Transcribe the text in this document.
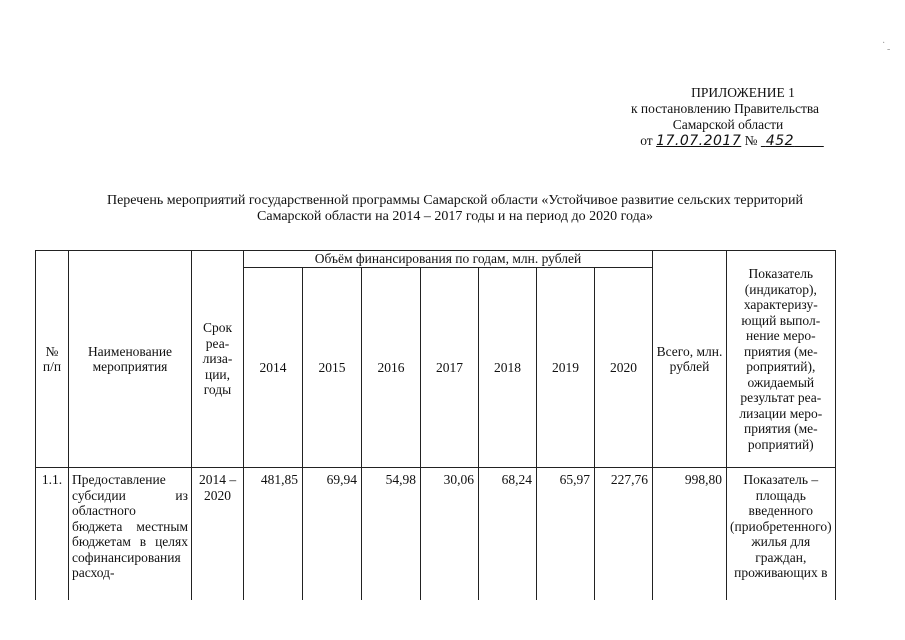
ПРИЛОЖЕНИЕ 1
к постановлению Правительства
Самарской области
от 17.07.2017 № 452
Перечень мероприятий государственной программы Самарской области «Устойчивое развитие сельских территорий
Самарской области на 2014 – 2017 годы и на период до 2020 года»
№ п/п	Наименование мероприятия	Срок реа-лиза-ции, годы	Объём финансирования по годам, млн. рублей							Всего, млн. рублей	Показатель (индикатор), характеризу-ющий выпол-нение меро-приятия (ме-роприятий), ожидаемый результат реа-лизации меро-приятия (ме-роприятий)
			2014	2015	2016	2017	2018	2019	2020		
1.1.	Предоставление субсидии из областного бюджета местным бюджетам в целях софинансирования расход-	2014 – 2020	481,85	69,94	54,98	30,06	68,24	65,97	227,76	998,80	Показатель – площадь введенного (приобретенного) жилья для граждан, проживающих в
·
-
